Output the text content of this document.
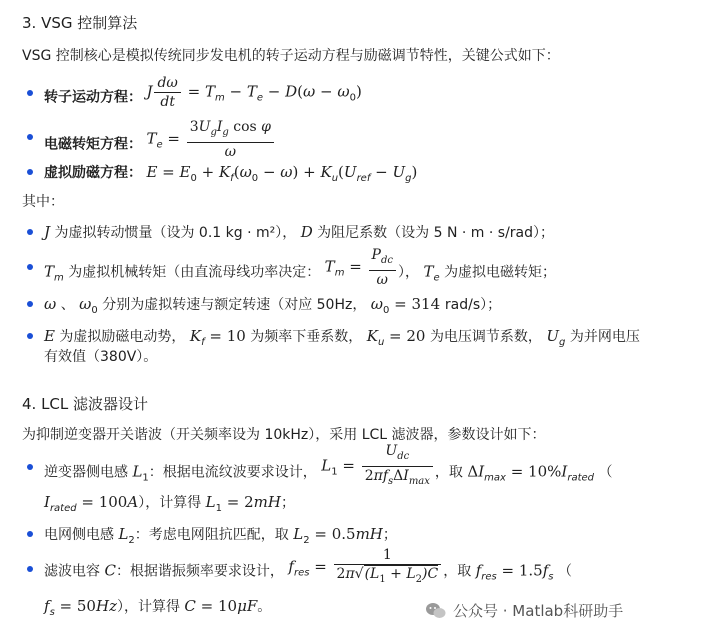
3. VSG 控制算法
VSG 控制核心是模拟传统同步发电机的转子运动方程与励磁调节特性，关键公式如下：
转子运动方程： J $\frac{d\omega}{dt} = T_m - T_e - D(\omega - \omega_0)$
电磁转矩方程： $T_e = \frac{3U_gI_g \cos \varphi}{\omega}$
虚拟励磁方程： $E = E_0 + K_f(\omega_0 - \omega) + K_u(U_{ref} - U_g)$
其中：
J 为虚拟转动惯量（设为 0.1 kg · m²）， D 为阻尼系数（设为 5 N · m · s/rad）；
$T_m$ 为虚拟机械转矩（由直流母线功率决定： $T_m = \frac{P_{dc}}{\omega}$ ）， $T_e$ 为虚拟电磁转矩；
ω 、 $\omega_0$ 分别为虚拟转速与额定转速（对应 50Hz， $\omega_0 = 314$ rad/s）；
E 为虚拟励磁电动势， $K_f = 10$ 为频率下垂系数， $K_u = 20$ 为电压调节系数， $U_g$ 为并网电压
有效值（380V）。
4. LCL 滤波器设计
为抑制逆变器开关谐波（开关频率设为 10kHz），采用 LCL 滤波器，参数设计如下：
逆变器侧电感 $L_1$：根据电流纹波要求设计， $L_1 = \frac{U_{dc}}{2\pi f_s\Delta I_{max}}$ ，取 $\Delta I_{max} = 10\%I_{rated}$ （
$I_{rated} = 100A$），计算得 $L_1 = 2mH$；
电网侧电感 $L_2$：考虑电网阻抗匹配，取 $L_2 = 0.5mH$；
滤波电容 C：根据谐振频率要求设计， $f_{res} = \frac{1}{2\pi√(L_1 + L_2)C}$ ，取 $f_{res} = 1.5f_s$ （
$f_s = 50Hz$），计算得 C = 10μF。	公众号 · Matlab科研助手
